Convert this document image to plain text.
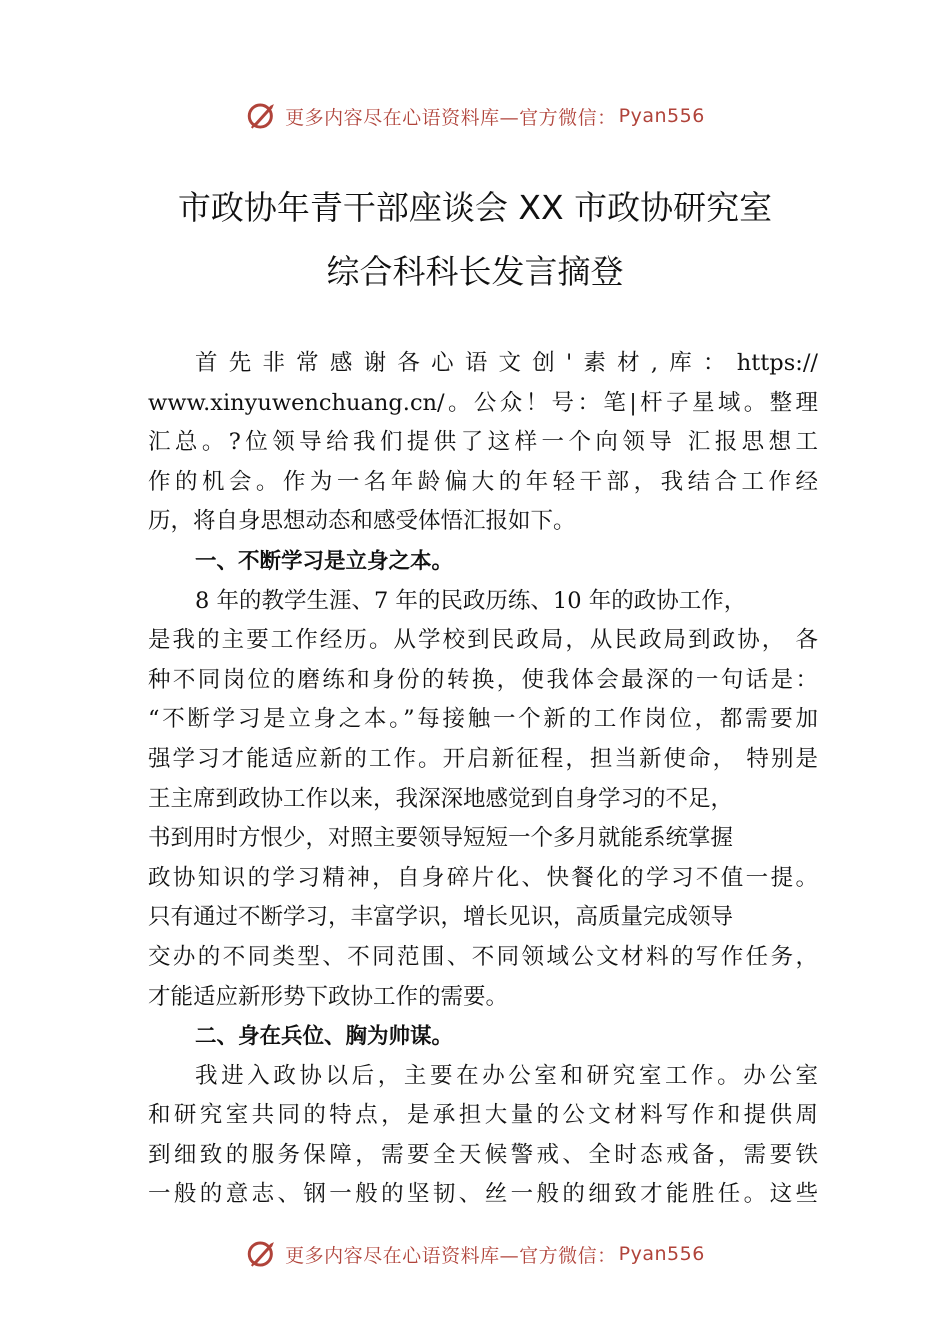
更多内容尽在心语资料库—官方微信： Pyan556
市政协年青干部座谈会 XX 市政协研究室
综合科科长发言摘登
首先非常感谢各心语文创'素材,库：https://
www.xinyuwenchuang.cn/。公众！号：笔|杆子星域。整理
汇总。?位领导给我们提供了这样一个向领导 汇报思想工
作的机会。作为一名年龄偏大的年轻干部，我结合工作经
历，将自身思想动态和感受体悟汇报如下。
一、不断学习是立身之本。
8 年的教学生涯、7 年的民政历练、10 年的政协工作，
是我的主要工作经历。从学校到民政局，从民政局到政协， 各
种不同岗位的磨练和身份的转换，使我体会最深的一句话是：
“不断学习是立身之本。”每接触一个新的工作岗位，都需要加
强学习才能适应新的工作。开启新征程，担当新使命， 特别是
王主席到政协工作以来，我深深地感觉到自身学习的不足，
书到用时方恨少，对照主要领导短短一个多月就能系统掌握
政协知识的学习精神，自身碎片化、快餐化的学习不值一提。
只有通过不断学习，丰富学识，增长见识，高质量完成领导
交办的不同类型、不同范围、不同领域公文材料的写作任务，
才能适应新形势下政协工作的需要。
二、身在兵位、胸为帅谋。
我进入政协以后，主要在办公室和研究室工作。办公室
和研究室共同的特点，是承担大量的公文材料写作和提供周
到细致的服务保障，需要全天候警戒、全时态戒备，需要铁
一般的意志、钢一般的坚韧、丝一般的细致才能胜任。这些
更多内容尽在心语资料库—官方微信： Pyan556
